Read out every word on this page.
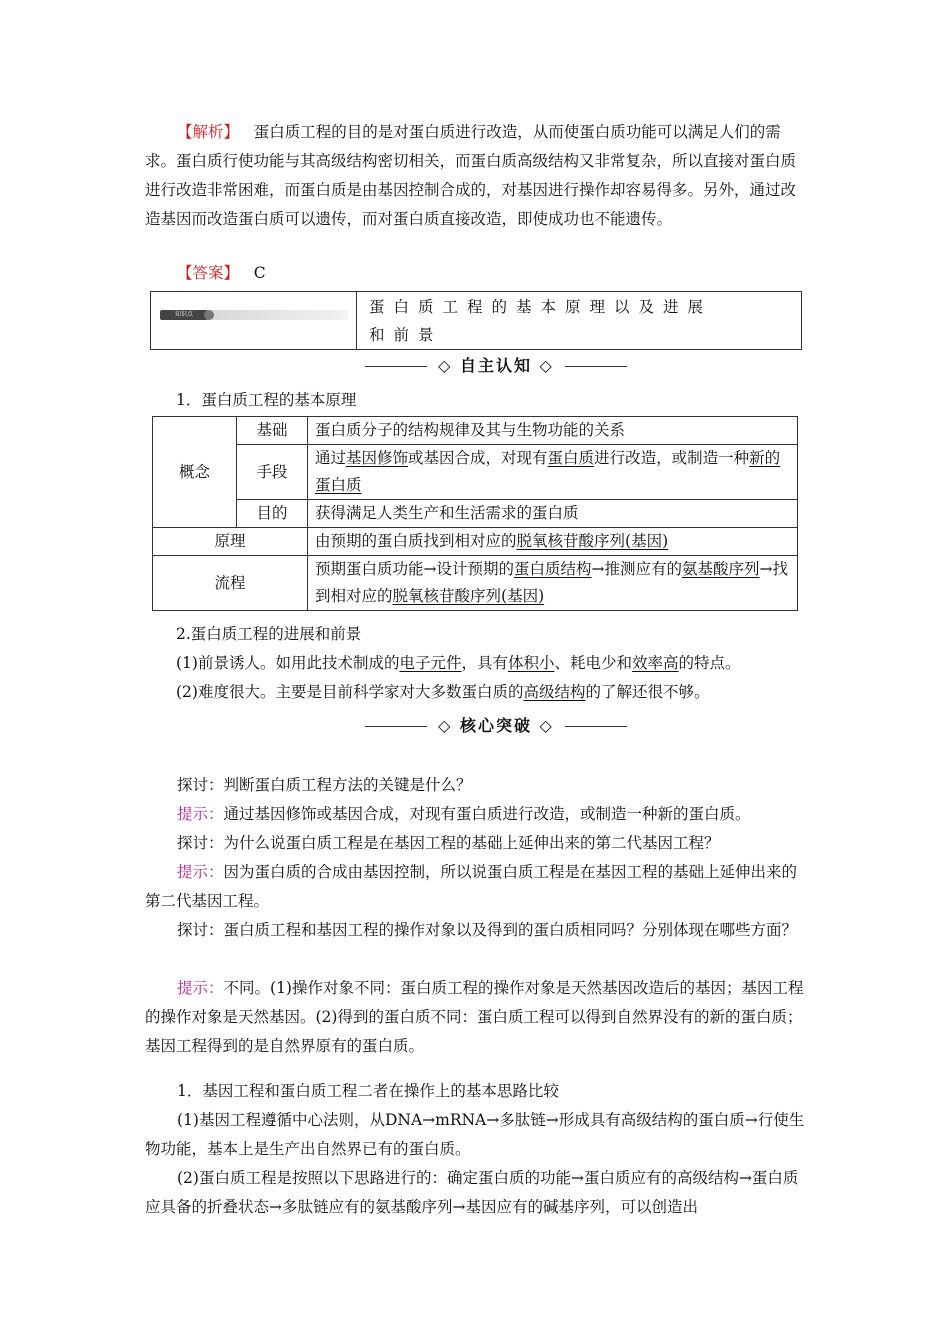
【解析】 蛋白质工程的目的是对蛋白质进行改造，从而使蛋白质功能可以满足人们的需求。蛋白质行使功能与其高级结构密切相关，而蛋白质高级结构又非常复杂，所以直接对蛋白质进行改造非常困难，而蛋白质是由基因控制合成的，对基因进行操作却容易得多。另外，通过改造基因而改造蛋白质可以遗传，而对蛋白质直接改造，即使成功也不能遗传。

【答案】 C

知识点	蛋白质工程的基本原理以及进展和前景
◇ 自主认知 ◇

1．蛋白质工程的基本原理

概念	基础	蛋白质分子的结构规律及其与生物功能的关系
	手段	通过基因修饰或基因合成，对现有蛋白质进行改造，或制造一种新的蛋白质
	目的	获得满足人类生产和生活需求的蛋白质
原理		由预期的蛋白质找到相对应的脱氧核苷酸序列(基因)
流程		预期蛋白质功能→设计预期的蛋白质结构→推测应有的氨基酸序列→找到相对应的脱氧核苷酸序列(基因)

2.蛋白质工程的进展和前景

(1)前景诱人。如用此技术制成的电子元件，具有体积小、耗电少和效率高的特点。

(2)难度很大。主要是目前科学家对大多数蛋白质的高级结构的了解还很不够。

◇ 核心突破 ◇

探讨：判断蛋白质工程方法的关键是什么？

提示：通过基因修饰或基因合成，对现有蛋白质进行改造，或制造一种新的蛋白质。

探讨：为什么说蛋白质工程是在基因工程的基础上延伸出来的第二代基因工程？

提示：因为蛋白质的合成由基因控制，所以说蛋白质工程是在基因工程的基础上延伸出来的第二代基因工程。

探讨：蛋白质工程和基因工程的操作对象以及得到的蛋白质相同吗？分别体现在哪些方面？

提示：不同。(1)操作对象不同：蛋白质工程的操作对象是天然基因改造后的基因；基因工程的操作对象是天然基因。(2)得到的蛋白质不同：蛋白质工程可以得到自然界没有的新的蛋白质；基因工程得到的是自然界原有的蛋白质。

1．基因工程和蛋白质工程二者在操作上的基本思路比较

(1)基因工程遵循中心法则，从DNA→mRNA→多肽链→形成具有高级结构的蛋白质→行使生物功能，基本上是生产出自然界已有的蛋白质。

(2)蛋白质工程是按照以下思路进行的：确定蛋白质的功能→蛋白质应有的高级结构→蛋白质应具备的折叠状态→多肽链应有的氨基酸序列→基因应有的碱基序列，可以创造出
